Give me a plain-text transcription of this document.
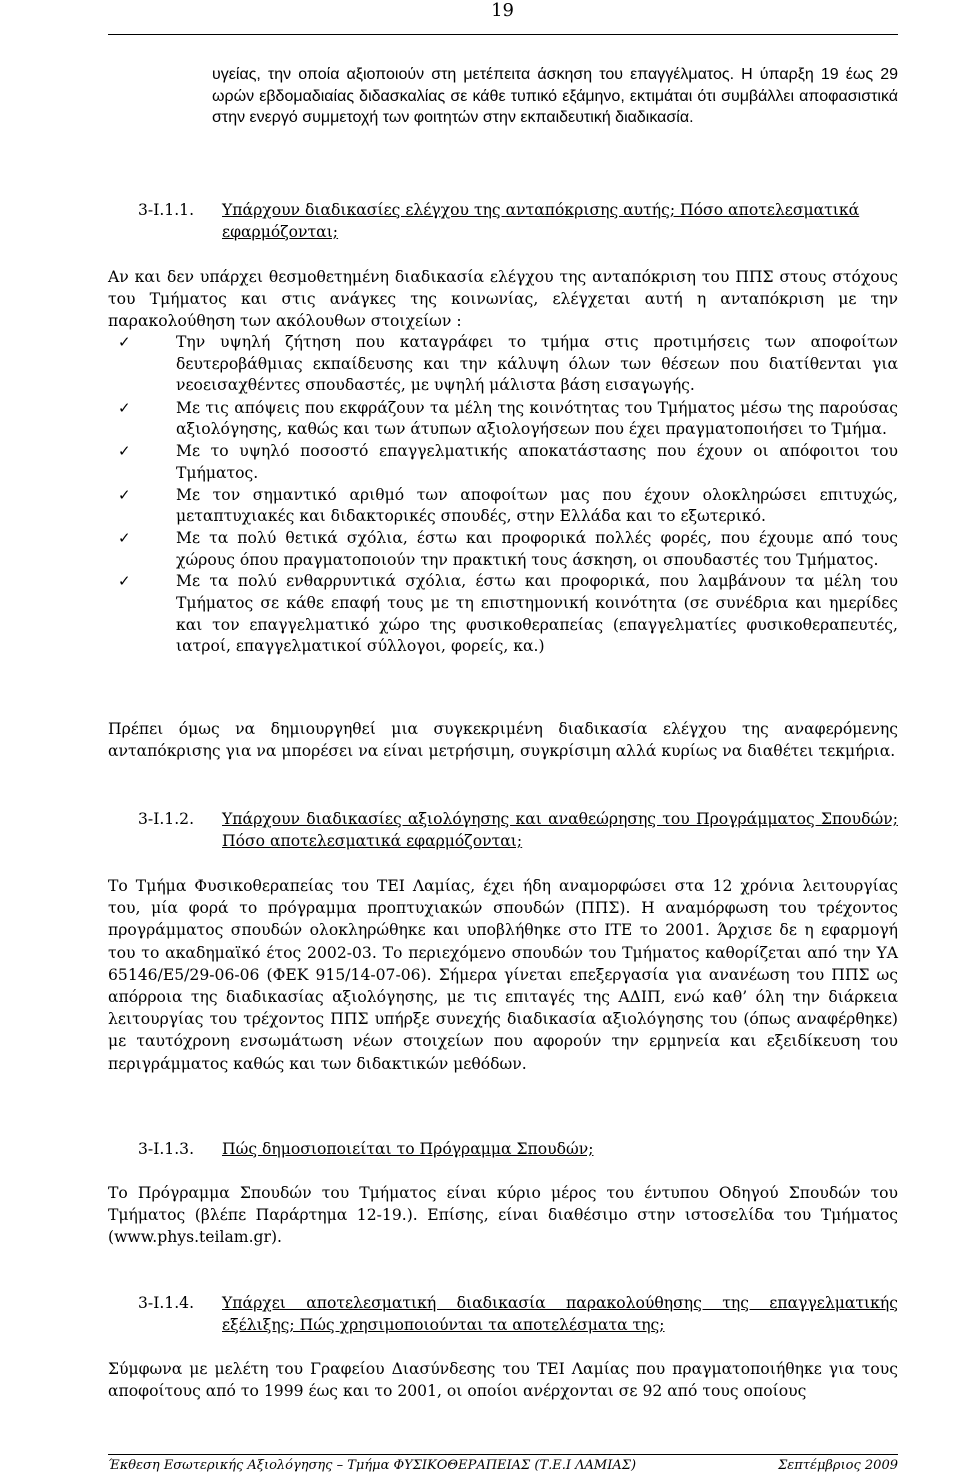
19
υγείας, την οποία αξιοποιούν στη μετέπειτα άσκηση του επαγγέλματος. Η ύπαρξη 19 έως 29 ωρών εβδομαδιαίας διδασκαλίας σε κάθε τυπικό εξάμηνο, εκτιμάται ότι συμβάλλει αποφασιστικά στην ενεργό συμμετοχή των φοιτητών στην εκπαιδευτική διαδικασία.
3-Ι.1.1. Υπάρχουν διαδικασίες ελέγχου της ανταπόκρισης αυτής; Πόσο αποτελεσματικά εφαρμόζονται;
Αν και δεν υπάρχει θεσμοθετημένη διαδικασία ελέγχου της ανταπόκριση του ΠΠΣ στους στόχους του Τμήματος και στις ανάγκες της κοινωνίας, ελέγχεται αυτή η ανταπόκριση με την παρακολούθηση των ακόλουθων στοιχείων :
✓	Την υψηλή ζήτηση που καταγράφει το τμήμα στις προτιμήσεις των αποφοίτων δευτεροβάθμιας εκπαίδευσης και την κάλυψη όλων των θέσεων που διατίθενται για νεοεισαχθέντες σπουδαστές, με υψηλή μάλιστα βάση εισαγωγής.
✓	Με τις απόψεις που εκφράζουν τα μέλη της κοινότητας του Τμήματος μέσω της παρούσας αξιολόγησης, καθώς και των άτυπων αξιολογήσεων που έχει πραγματοποιήσει το Τμήμα.
✓	Με το υψηλό ποσοστό επαγγελματικής αποκατάστασης που έχουν οι απόφοιτοι του Τμήματος.
✓	Με τον σημαντικό αριθμό των αποφοίτων μας που έχουν ολοκληρώσει επιτυχώς, μεταπτυχιακές και διδακτορικές σπουδές, στην Ελλάδα και το εξωτερικό.
✓	Με τα πολύ θετικά σχόλια, έστω και προφορικά πολλές φορές, που έχουμε από τους χώρους όπου πραγματοποιούν την πρακτική τους άσκηση, οι σπουδαστές του Τμήματος.
✓	Με τα πολύ ενθαρρυντικά σχόλια, έστω και προφορικά, που λαμβάνουν τα μέλη του Τμήματος σε κάθε επαφή τους με τη επιστημονική κοινότητα (σε συνέδρια και ημερίδες και τον επαγγελματικό χώρο της φυσικοθεραπείας (επαγγελματίες φυσικοθεραπευτές, ιατροί, επαγγελματικοί σύλλογοι, φορείς, κα.)
Πρέπει όμως να δημιουργηθεί μια συγκεκριμένη διαδικασία ελέγχου της αναφερόμενης ανταπόκρισης για να μπορέσει να είναι μετρήσιμη, συγκρίσιμη αλλά κυρίως να διαθέτει τεκμήρια.
3-Ι.1.2. Υπάρχουν διαδικασίες αξιολόγησης και αναθεώρησης του Προγράμματος Σπουδών; Πόσο αποτελεσματικά εφαρμόζονται;
Το Τμήμα Φυσικοθεραπείας του ΤΕΙ Λαμίας, έχει ήδη αναμορφώσει στα 12 χρόνια λειτουργίας του, μία φορά το πρόγραμμα προπτυχιακών σπουδών (ΠΠΣ). Η αναμόρφωση του τρέχοντος προγράμματος σπουδών ολοκληρώθηκε και υποβλήθηκε στο ΙΤΕ το 2001. Άρχισε δε η εφαρμογή του το ακαδημαϊκό έτος 2002-03. Το περιεχόμενο σπουδών του Τμήματος καθορίζεται από την ΥΑ 65146/Ε5/29-06-06 (ΦΕΚ 915/14-07-06). Σήμερα γίνεται επεξεργασία για ανανέωση του ΠΠΣ ως απόρροια της διαδικασίας αξιολόγησης, με τις επιταγές της ΑΔΙΠ, ενώ καθ’ όλη την διάρκεια λειτουργίας του τρέχοντος ΠΠΣ υπήρξε συνεχής διαδικασία αξιολόγησης του (όπως αναφέρθηκε) με ταυτόχρονη ενσωμάτωση νέων στοιχείων που αφορούν την ερμηνεία και εξειδίκευση του περιγράμματος καθώς και των διδακτικών μεθόδων.
3-Ι.1.3. Πώς δημοσιοποιείται το Πρόγραμμα Σπουδών;
Το Πρόγραμμα Σπουδών του Τμήματος είναι κύριο μέρος του έντυπου Οδηγού Σπουδών του Τμήματος (βλέπε Παράρτημα 12-19.). Επίσης, είναι διαθέσιμο στην ιστοσελίδα του Τμήματος (www.phys.teilam.gr).
3-Ι.1.4. Υπάρχει αποτελεσματική διαδικασία παρακολούθησης της επαγγελματικής εξέλιξης; Πώς χρησιμοποιούνται τα αποτελέσματα της;
Σύμφωνα με μελέτη του Γραφείου Διασύνδεσης του ΤΕΙ Λαμίας που πραγματοποιήθηκε για τους αποφοίτους από το 1999 έως και το 2001, οι οποίοι ανέρχονται σε 92 από τους οποίους
Έκθεση Εσωτερικής Αξιολόγησης – Τμήμα ΦΥΣΙΚΟΘΕΡΑΠΕΙΑΣ (Τ.Ε.Ι ΛΑΜΙΑΣ)	Σεπτέμβριος 2009
